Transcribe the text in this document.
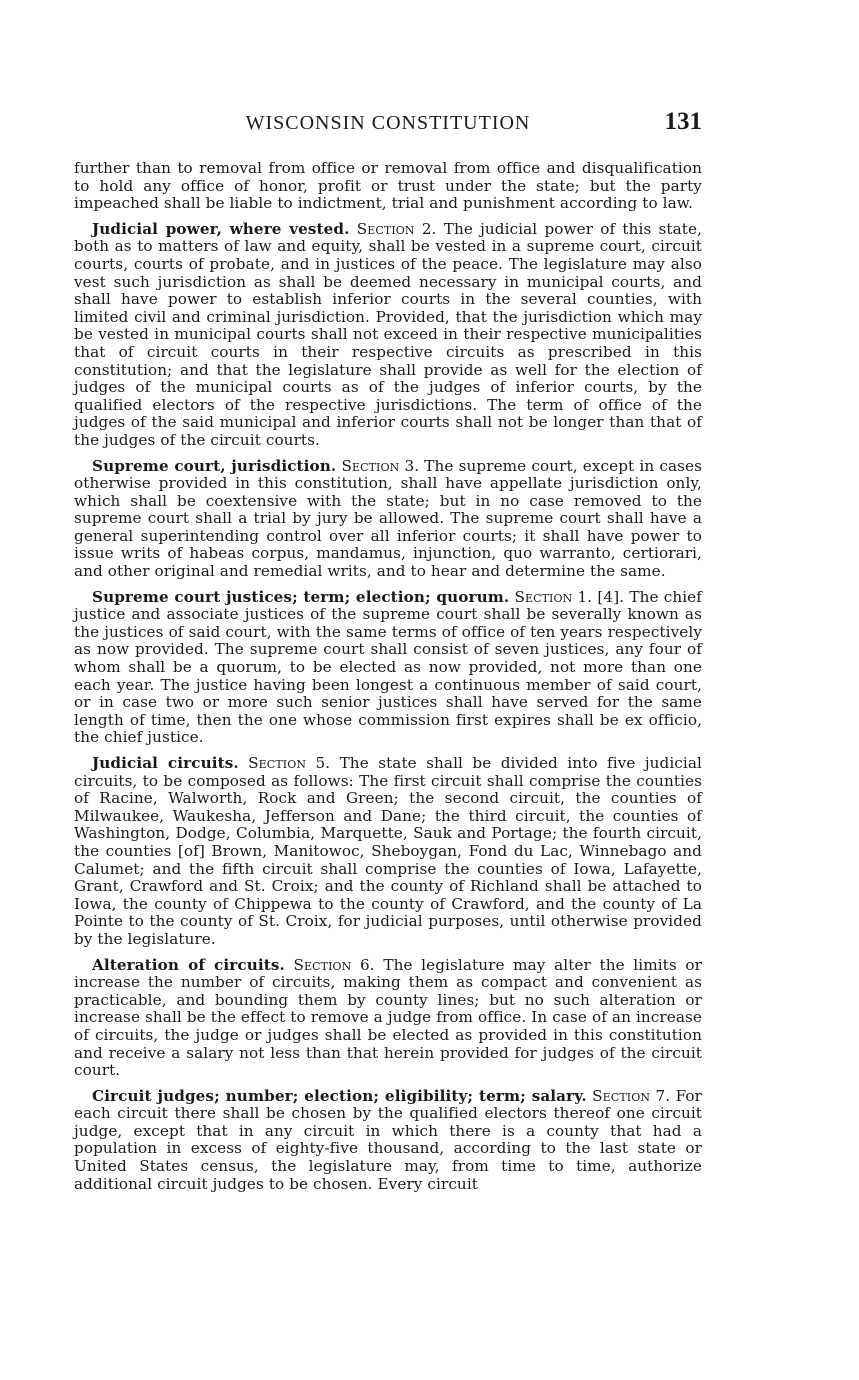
WISCONSIN CONSTITUTION	131

further than to removal from office or removal from office and disqualification to hold any office of honor, profit or trust under the state; but the party impeached shall be liable to indictment, trial and punishment according to law.

Judicial power, where vested. Section 2. The judicial power of this state, both as to matters of law and equity, shall be vested in a supreme court, circuit courts, courts of probate, and in justices of the peace. The legislature may also vest such jurisdiction as shall be deemed necessary in municipal courts, and shall have power to establish inferior courts in the several counties, with limited civil and criminal jurisdiction. Provided, that the jurisdiction which may be vested in municipal courts shall not exceed in their respective municipalities that of circuit courts in their respective circuits as prescribed in this constitution; and that the legislature shall provide as well for the election of judges of the municipal courts as of the judges of inferior courts, by the qualified electors of the respective jurisdictions. The term of office of the judges of the said municipal and inferior courts shall not be longer than that of the judges of the circuit courts.

Supreme court, jurisdiction. Section 3. The supreme court, except in cases otherwise provided in this constitution, shall have appellate jurisdiction only, which shall be coextensive with the state; but in no case removed to the supreme court shall a trial by jury be allowed. The supreme court shall have a general superintending control over all inferior courts; it shall have power to issue writs of habeas corpus, mandamus, injunction, quo warranto, certiorari, and other original and remedial writs, and to hear and determine the same.

Supreme court justices; term; election; quorum. Section 1. [4]. The chief justice and associate justices of the supreme court shall be severally known as the justices of said court, with the same terms of office of ten years respectively as now provided. The supreme court shall consist of seven justices, any four of whom shall be a quorum, to be elected as now provided, not more than one each year. The justice having been longest a continuous member of said court, or in case two or more such senior justices shall have served for the same length of time, then the one whose commission first expires shall be ex officio, the chief justice.

Judicial circuits. Section 5. The state shall be divided into five judicial circuits, to be composed as follows: The first circuit shall comprise the counties of Racine, Walworth, Rock and Green; the second circuit, the counties of Milwaukee, Waukesha, Jefferson and Dane; the third circuit, the counties of Washington, Dodge, Columbia, Marquette, Sauk and Portage; the fourth circuit, the counties [of] Brown, Manitowoc, Sheboygan, Fond du Lac, Winnebago and Calumet; and the fifth circuit shall comprise the counties of Iowa, Lafayette, Grant, Crawford and St. Croix; and the county of Richland shall be attached to Iowa, the county of Chippewa to the county of Crawford, and the county of La Pointe to the county of St. Croix, for judicial purposes, until otherwise provided by the legislature.

Alteration of circuits. Section 6. The legislature may alter the limits or increase the number of circuits, making them as compact and convenient as practicable, and bounding them by county lines; but no such alteration or increase shall be the effect to remove a judge from office. In case of an increase of circuits, the judge or judges shall be elected as provided in this constitution and receive a salary not less than that herein provided for judges of the circuit court.

Circuit judges; number; election; eligibility; term; salary. Section 7. For each circuit there shall be chosen by the qualified electors thereof one circuit judge, except that in any circuit in which there is a county that had a population in excess of eighty-five thousand, according to the last state or United States census, the legislature may, from time to time, authorize additional circuit judges to be chosen. Every circuit
